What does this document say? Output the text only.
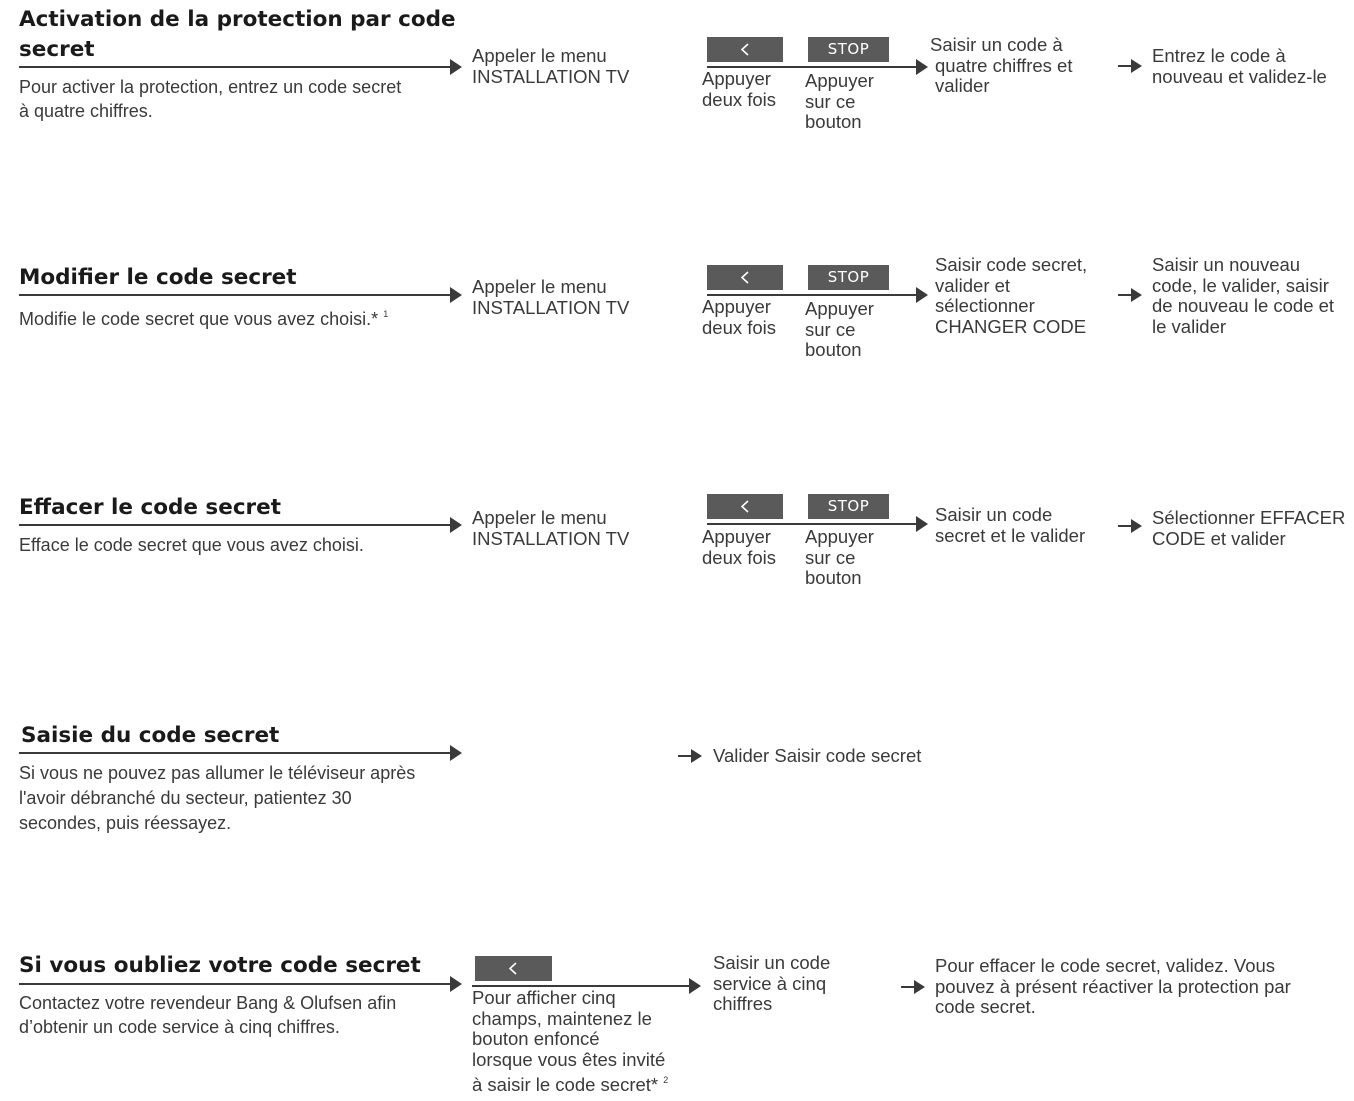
Activation de la protection par code
secret
Pour activer la protection, entrez un code secret
à quatre chiffres.
Appeler le menu
INSTALLATION TV
STOP
Appuyer
deux fois
Appuyer
sur ce
bouton
Saisir un code à
quatre chiffres et
valider
Entrez le code à
nouveau et validez-le
Modifier le code secret
Modifie le code secret que vous avez choisi.* $^1$
Appeler le menu
INSTALLATION TV
STOP
Appuyer
deux fois
Appuyer
sur ce
bouton
Saisir code secret,
valider et
sélectionner
CHANGER CODE
Saisir un nouveau
code, le valider, saisir
de nouveau le code et
le valider
Effacer le code secret
Efface le code secret que vous avez choisi.
Appeler le menu
INSTALLATION TV
STOP
Appuyer
deux fois
Appuyer
sur ce
bouton
Saisir un code
secret et le valider
Sélectionner EFFACER
CODE et valider
Saisie du code secret
Si vous ne pouvez pas allumer le téléviseur après
l'avoir débranché du secteur, patientez 30
secondes, puis réessayez.
Valider Saisir code secret
Si vous oubliez votre code secret
Contactez votre revendeur Bang & Olufsen afin
d’obtenir un code service à cinq chiffres.
Pour afficher cinq
champs, maintenez le
bouton enfoncé
lorsque vous êtes invité
à saisir le code secret* $^2$
Saisir un code
service à cinq
chiffres
Pour effacer le code secret, validez. Vous
pouvez à présent réactiver la protection par
code secret.
